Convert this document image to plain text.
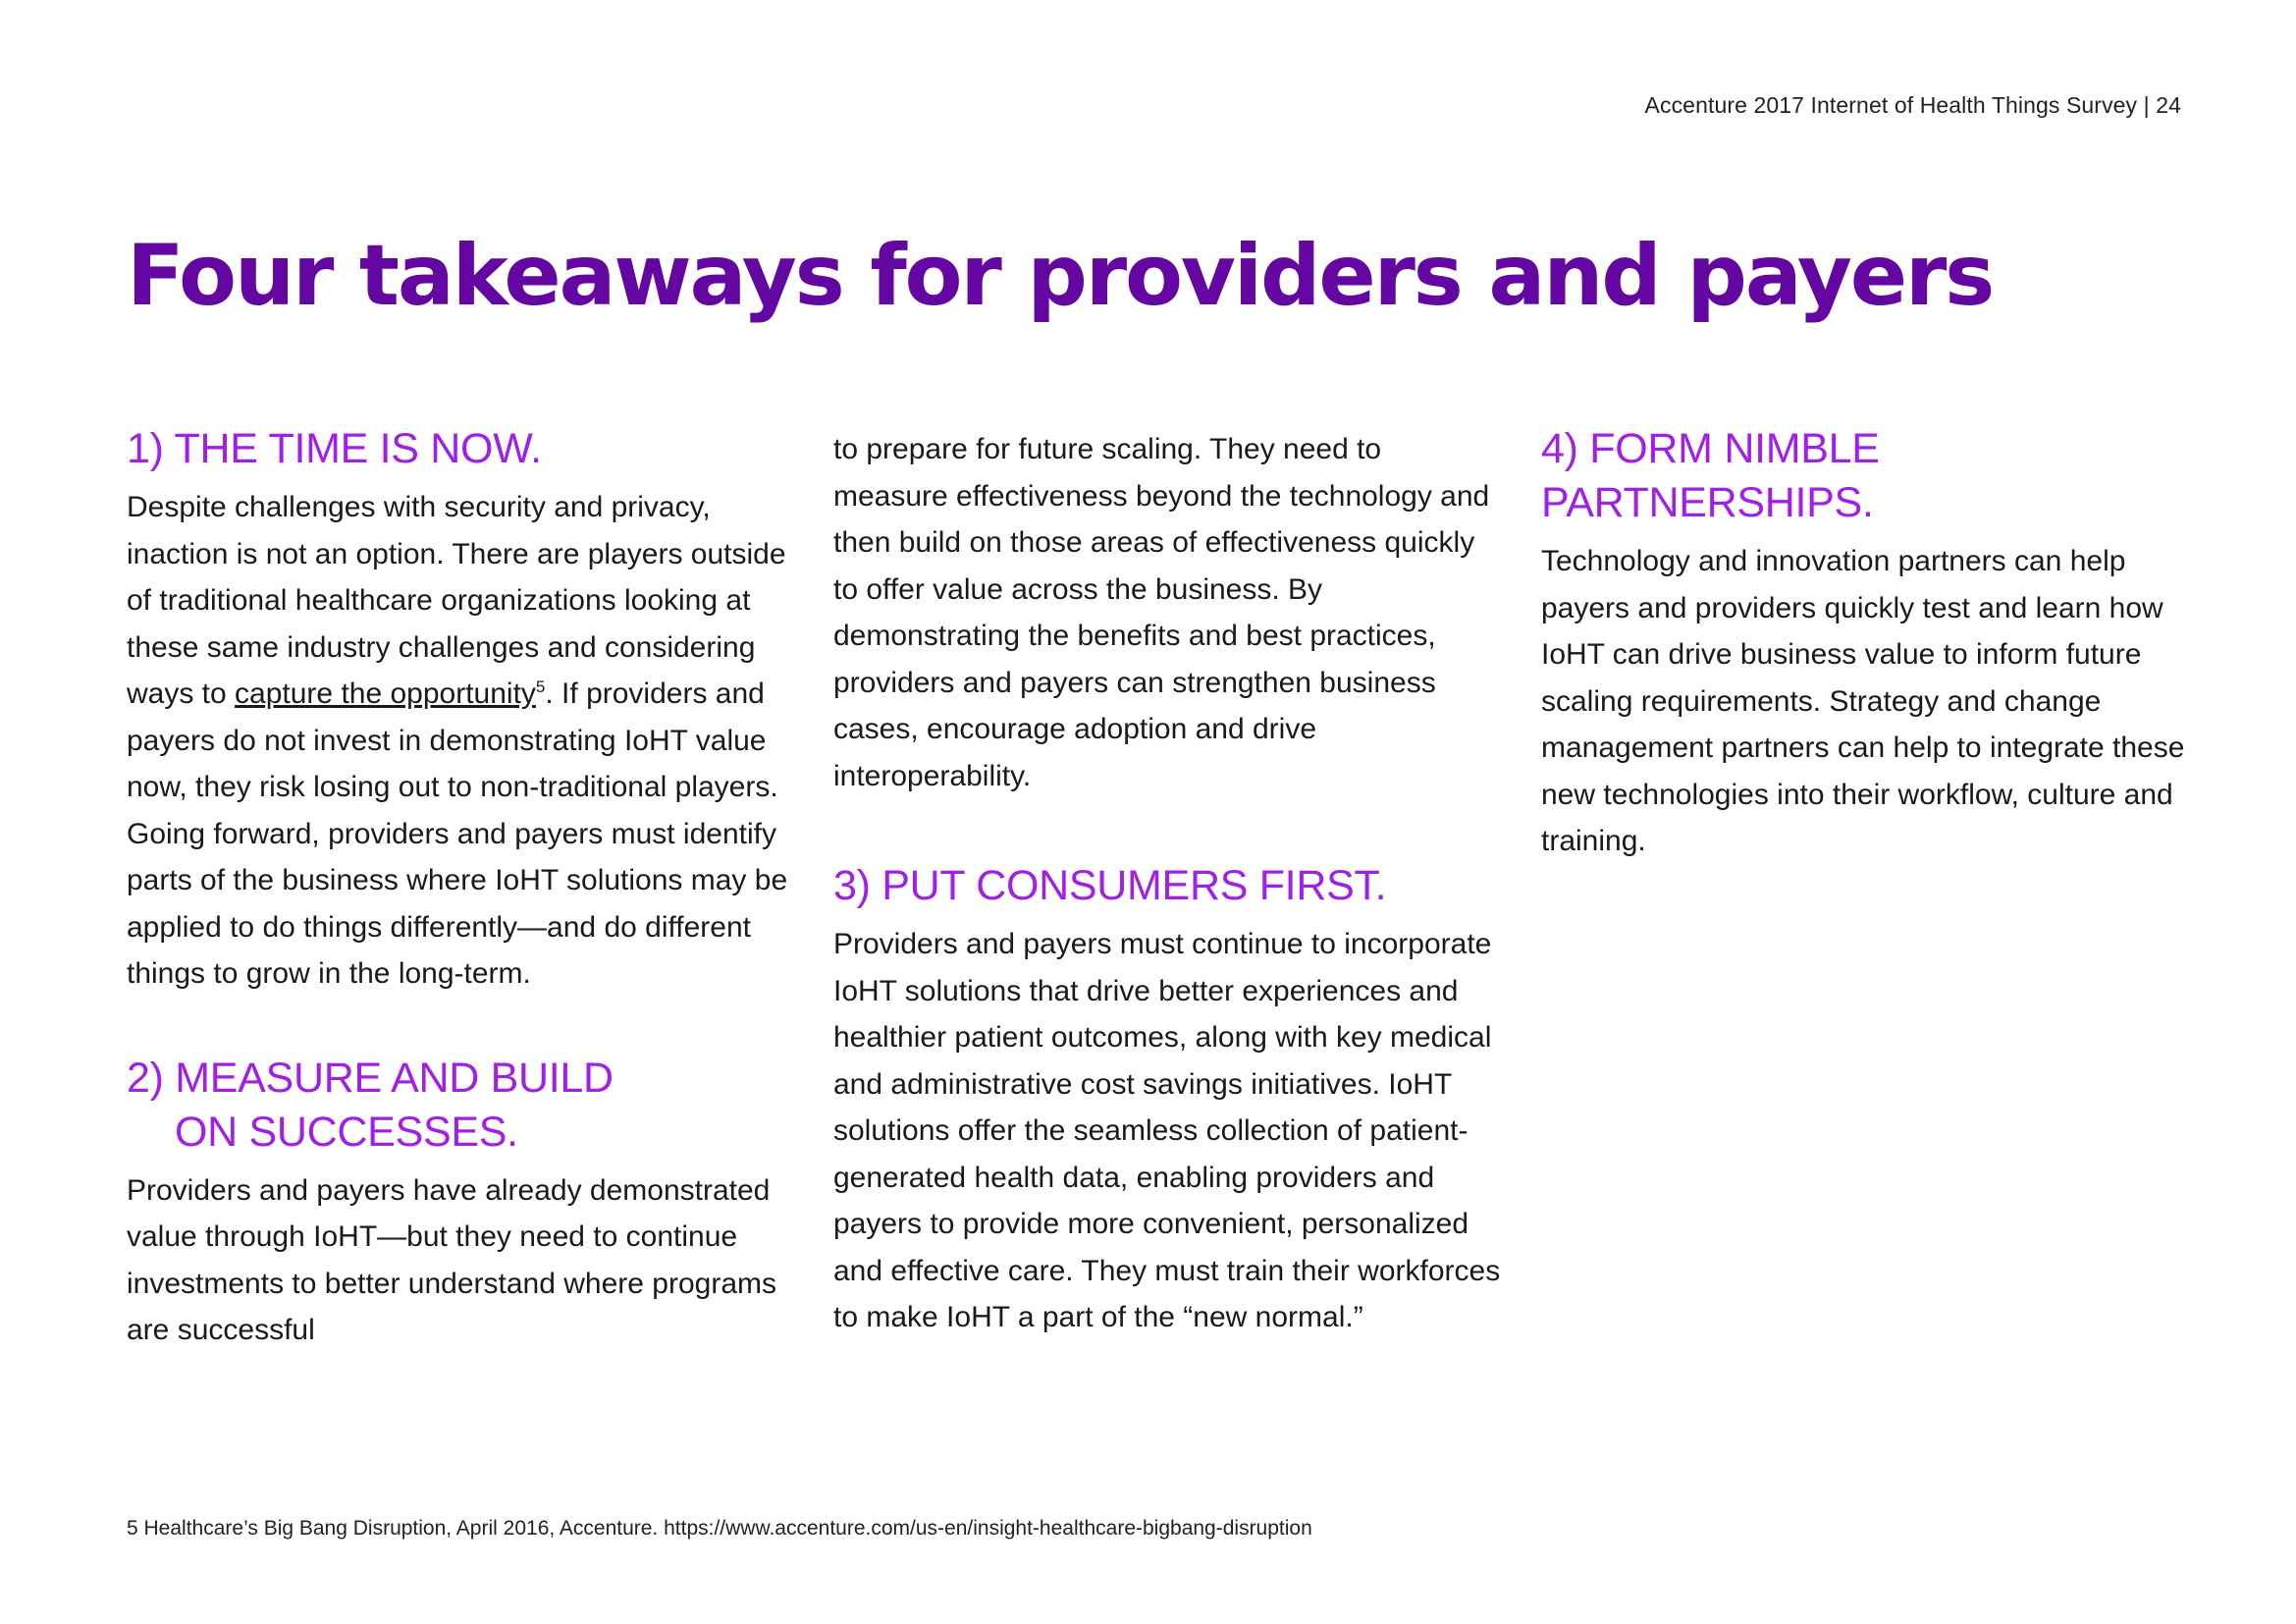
Accenture 2017 Internet of Health Things Survey | 24
Four takeaways for providers and payers
1) THE TIME IS NOW.

Despite challenges with security and privacy, inaction is not an option. There are players outside of traditional healthcare organizations looking at these same industry challenges and considering ways to capture the opportunity$^5$. If providers and payers do not invest in demonstrating IoHT value now, they risk losing out to non-traditional players. Going forward, providers and payers must identify parts of the business where IoHT solutions may be applied to do things differently—and do different things to grow in the long-term.

2) MEASURE AND BUILD
ON SUCCESSES.

Providers and payers have already demonstrated value through IoHT—but they need to continue investments to better understand where programs are successful

to prepare for future scaling. They need to measure effectiveness beyond the technology and then build on those areas of effectiveness quickly to offer value across the business. By demonstrating the benefits and best practices, providers and payers can strengthen business cases, encourage adoption and drive interoperability.

3) PUT CONSUMERS FIRST.

Providers and payers must continue to incorporate IoHT solutions that drive better experiences and healthier patient outcomes, along with key medical and administrative cost savings initiatives. IoHT solutions offer the seamless collection of patient-generated health data, enabling providers and payers to provide more convenient, personalized and effective care. They must train their workforces to make IoHT a part of the “new normal.”

4) FORM NIMBLE PARTNERSHIPS.

Technology and innovation partners can help payers and providers quickly test and learn how IoHT can drive business value to inform future scaling requirements. Strategy and change management partners can help to integrate these new technologies into their workflow, culture and training.

5 Healthcare’s Big Bang Disruption, April 2016, Accenture. https://www.accenture.com/us-en/insight-healthcare-bigbang-disruption
